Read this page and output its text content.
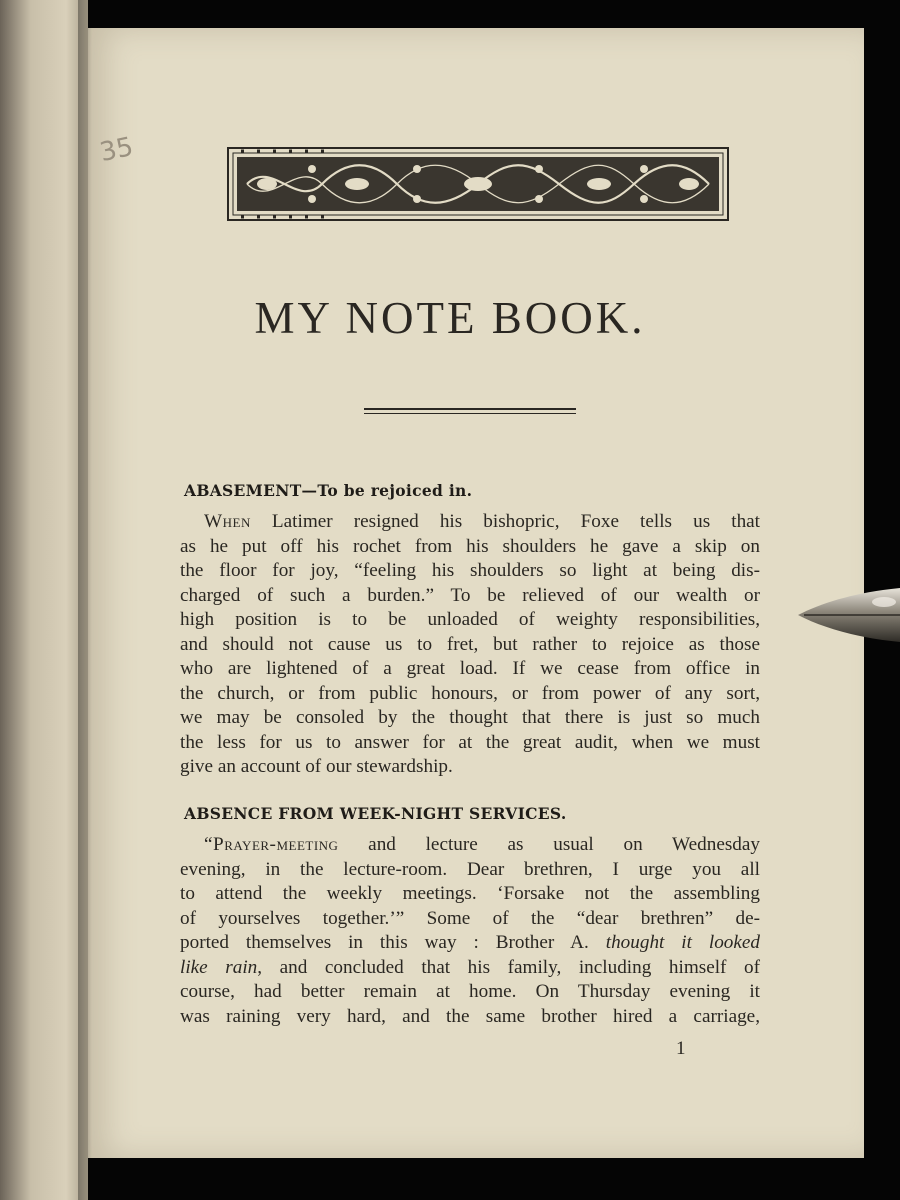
35
MY NOTE BOOK.
ABASEMENT—To be rejoiced in.
When Latimer resigned his bishopric, Foxe tells us that
as he put off his rochet from his shoulders he gave a skip on
the floor for joy, “feeling his shoulders so light at being dis-
charged of such a burden.” To be relieved of our wealth or
high position is to be unloaded of weighty responsibilities,
and should not cause us to fret, but rather to rejoice as those
who are lightened of a great load. If we cease from office in
the church, or from public honours, or from power of any sort,
we may be consoled by the thought that there is just so much
the less for us to answer for at the great audit, when we must
give an account of our stewardship.
ABSENCE FROM WEEK-NIGHT SERVICES.
“Prayer-meeting and lecture as usual on Wednesday
evening, in the lecture-room. Dear brethren, I urge you all
to attend the weekly meetings. ‘Forsake not the assembling
of yourselves together.’” Some of the “dear brethren” de-
ported themselves in this way : Brother A. thought it looked
like rain, and concluded that his family, including himself of
course, had better remain at home. On Thursday evening it
was raining very hard, and the same brother hired a carriage,
1
